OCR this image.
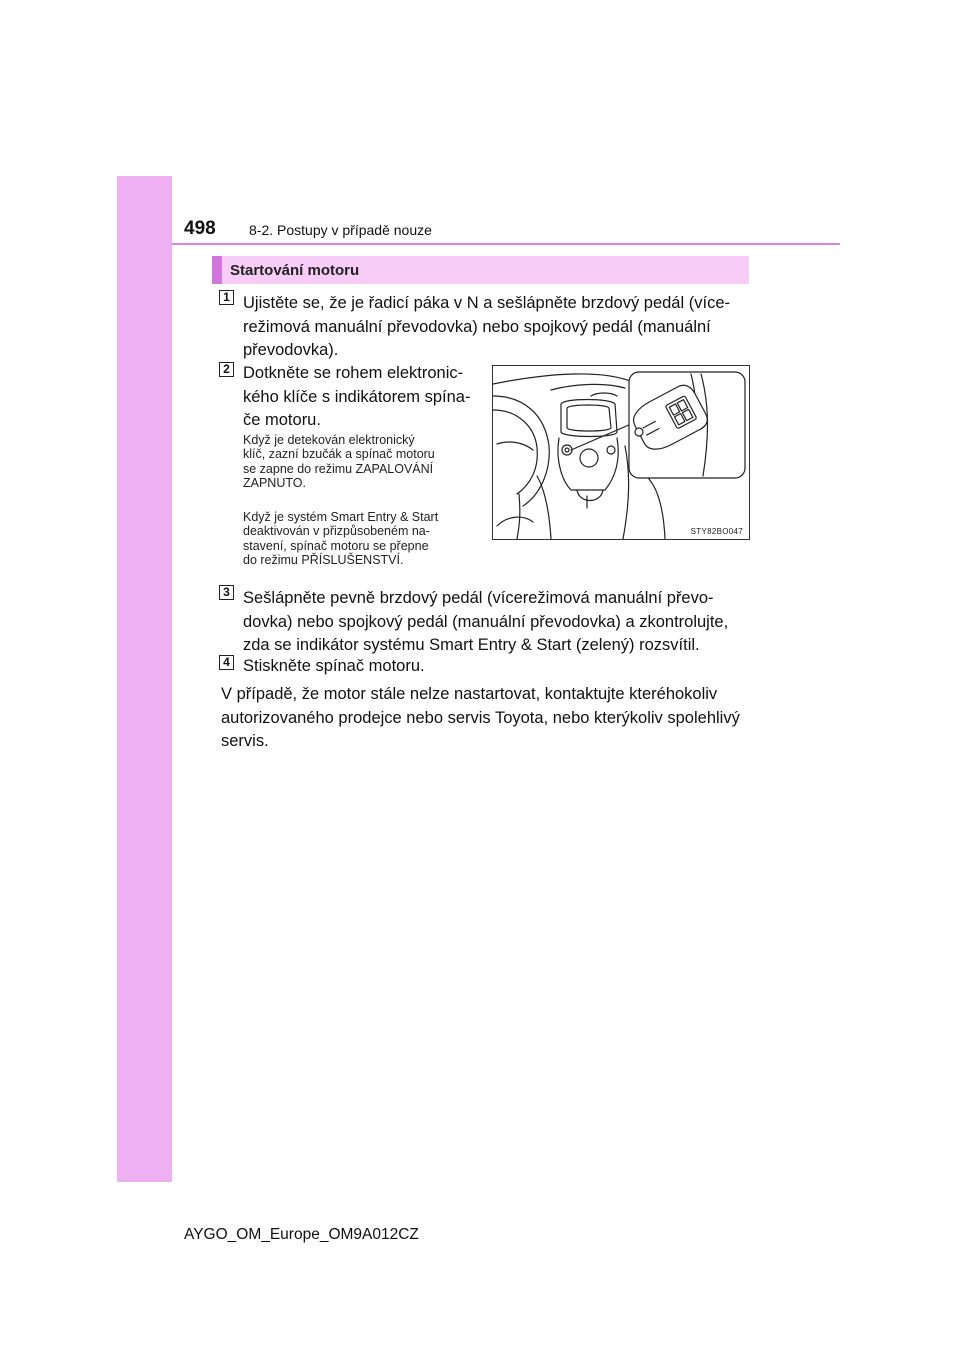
498 8-2. Postupy v případě nouze
Startování motoru
1 Ujistěte se, že je řadicí páka v N a sešlápněte brzdový pedál (více-
režimová manuální převodovka) nebo spojkový pedál (manuální
převodovka).
2 Dotkněte se rohem elektronic-
kého klíče s indikátorem spína-
če motoru.
Když je detekován elektronický
klíč, zazní bzučák a spínač motoru
se zapne do režimu ZAPALOVÁNÍ
ZAPNUTO.
Když je systém Smart Entry & Start
deaktivován v přizpůsobeném na-
stavení, spínač motoru se přepne
do režimu PŘÍSLUŠENSTVÍ.
STY82BO047
3 Sešlápněte pevně brzdový pedál (vícerežimová manuální převo-
dovka) nebo spojkový pedál (manuální převodovka) a zkontrolujte,
zda se indikátor systému Smart Entry & Start (zelený) rozsvítil.
4 Stiskněte spínač motoru.
V případě, že motor stále nelze nastartovat, kontaktujte kteréhokoliv
autorizovaného prodejce nebo servis Toyota, nebo kterýkoliv spolehlivý
servis.
AYGO_OM_Europe_OM9A012CZ
